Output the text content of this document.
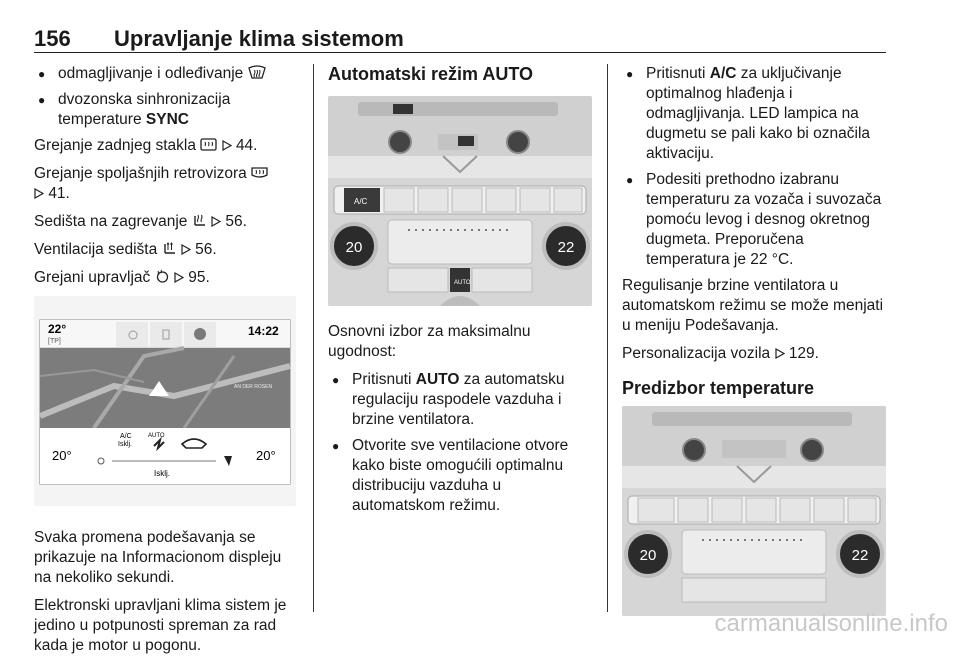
156 Upravljanje klima sistemom
● odmagljivanje i odleđivanje
● dvozonska sinhronizacija temperature SYNC

Grejanje zadnjeg stakla	44.

Grejanje spoljašnjih retrovizora
41.

Sedišta na zagrevanje 56.

Ventilacija sedišta 56.

Grejani upravljač 95.

22°
[TP]
14:22
AN DER ROSEN
A/C
Isklj.
AUTO
20°	20°
Isklj.

Svaka promena podešavanja se prikazuje na Informacionom displeju na nekoliko sekundi.

Elektronski upravljani klima sistem je jedino u potpunosti spreman za rad kada je motor u pogonu.

Automatski režim AUTO
A/C
20	22
AUTO

Osnovni izbor za maksimalnu ugodnost:

● Pritisnuti AUTO za automatsku regulaciju raspodele vazduha i brzine ventilatora.
● Otvorite sve ventilacione otvore kako biste omogućili optimalnu distribuciju vazduha u automatskom režimu.
● Pritisnuti A/C za uključivanje optimalnog hlađenja i odmagljivanja. LED lampica na dugmetu se pali kako bi označila aktivaciju.
● Podesiti prethodno izabranu temperaturu za vozača i suvozača pomoću levog i desnog okretnog dugmeta. Preporučena temperatura je 22 °C.

Regulisanje brzine ventilatora u automatskom režimu se može menjati u meniju Podešavanja.

Personalizacija vozila 129.

Predizbor temperature
20	22
carmanualsonline.info
